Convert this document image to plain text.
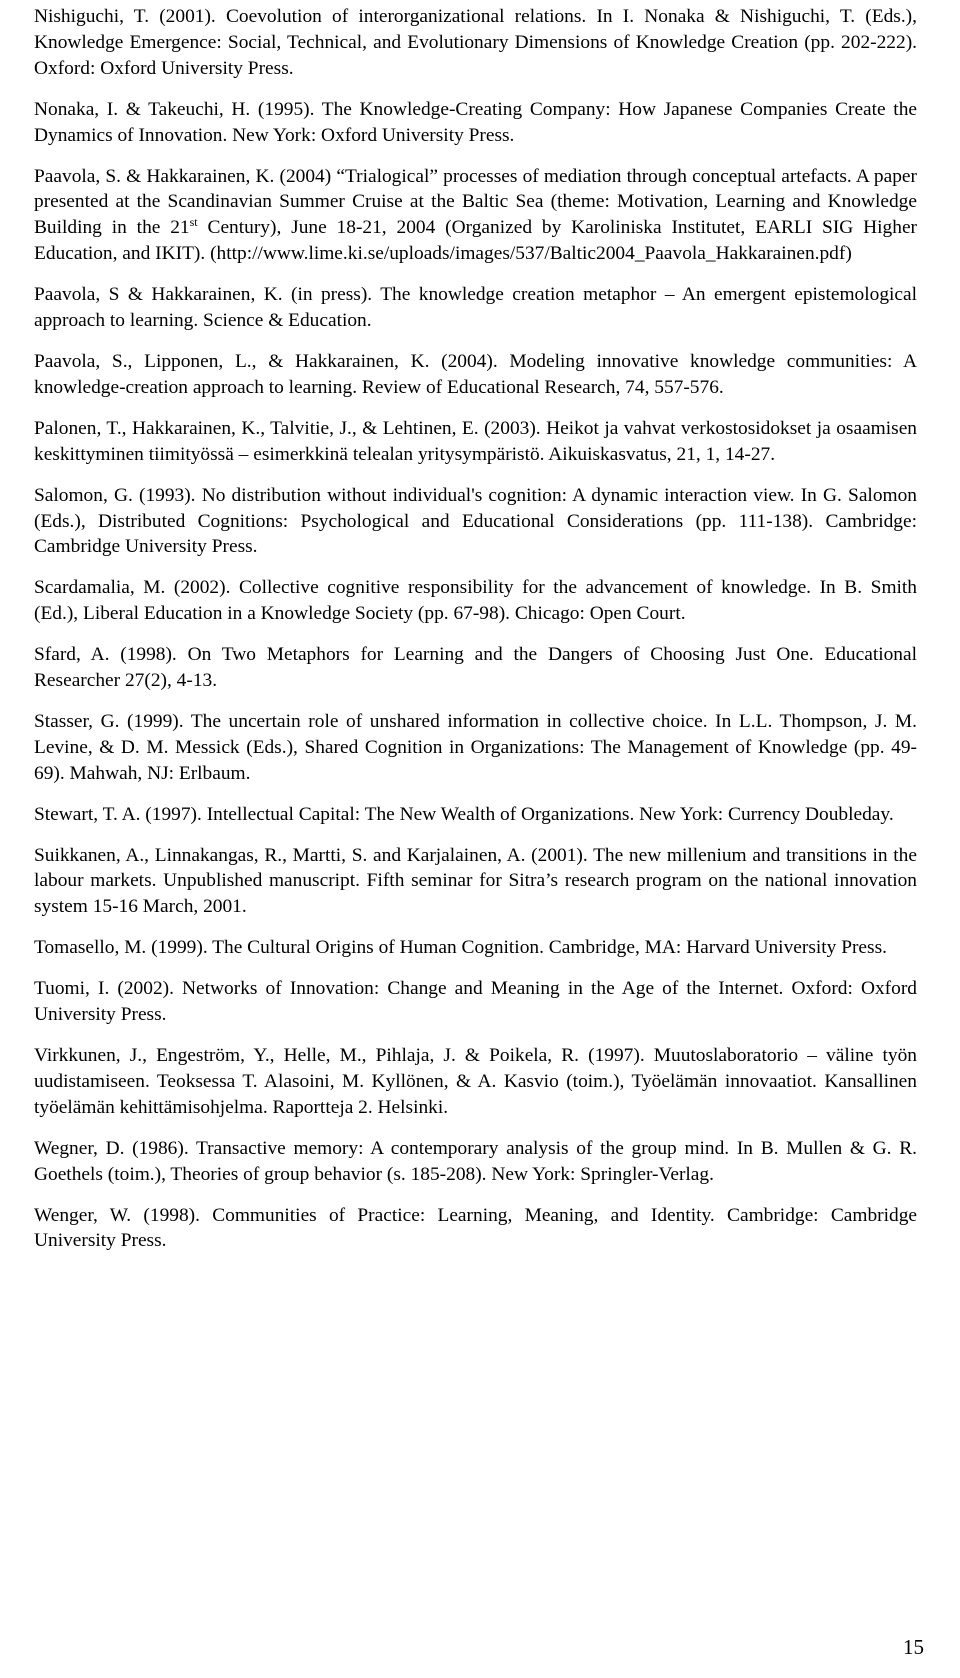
Nishiguchi, T. (2001). Coevolution of interorganizational relations. In I. Nonaka & Nishiguchi, T. (Eds.), Knowledge Emergence: Social, Technical, and Evolutionary Dimensions of Knowledge Creation (pp. 202-222). Oxford: Oxford University Press.

Nonaka, I. & Takeuchi, H. (1995). The Knowledge-Creating Company: How Japanese Companies Create the Dynamics of Innovation. New York: Oxford University Press.

Paavola, S. & Hakkarainen, K. (2004) “Trialogical” processes of mediation through conceptual artefacts. A paper presented at the Scandinavian Summer Cruise at the Baltic Sea (theme: Motivation, Learning and Knowledge Building in the 21st Century), June 18-21, 2004 (Organized by Karoliniska Institutet, EARLI SIG Higher Education, and IKIT). (http://www.lime.ki.se/uploads/images/537/Baltic2004_Paavola_Hakkarainen.pdf)

Paavola, S & Hakkarainen, K. (in press). The knowledge creation metaphor – An emergent epistemological approach to learning. Science & Education.

Paavola, S., Lipponen, L., & Hakkarainen, K. (2004). Modeling innovative knowledge communities: A knowledge-creation approach to learning. Review of Educational Research, 74, 557-576.

Palonen, T., Hakkarainen, K., Talvitie, J., & Lehtinen, E. (2003). Heikot ja vahvat verkostosidokset ja osaamisen keskittyminen tiimityössä – esimerkkinä telealan yritysympäristö. Aikuiskasvatus, 21, 1, 14-27.

Salomon, G. (1993). No distribution without individual's cognition: A dynamic interaction view. In G. Salomon (Eds.), Distributed Cognitions: Psychological and Educational Considerations (pp. 111-138). Cambridge: Cambridge University Press.

Scardamalia, M. (2002). Collective cognitive responsibility for the advancement of knowledge. In B. Smith (Ed.), Liberal Education in a Knowledge Society (pp. 67-98). Chicago: Open Court.

Sfard, A. (1998). On Two Metaphors for Learning and the Dangers of Choosing Just One. Educational Researcher 27(2), 4-13.

Stasser, G. (1999). The uncertain role of unshared information in collective choice. In L.L. Thompson, J. M. Levine, & D. M. Messick (Eds.), Shared Cognition in Organizations: The Management of Knowledge (pp. 49-69). Mahwah, NJ: Erlbaum.

Stewart, T. A. (1997). Intellectual Capital: The New Wealth of Organizations. New York: Currency Doubleday.

Suikkanen, A., Linnakangas, R., Martti, S. and Karjalainen, A. (2001). The new millenium and transitions in the labour markets. Unpublished manuscript. Fifth seminar for Sitra’s research program on the national innovation system 15-16 March, 2001.

Tomasello, M. (1999). The Cultural Origins of Human Cognition. Cambridge, MA: Harvard University Press.

Tuomi, I. (2002). Networks of Innovation: Change and Meaning in the Age of the Internet. Oxford: Oxford University Press.

Virkkunen, J., Engeström, Y., Helle, M., Pihlaja, J. & Poikela, R. (1997). Muutoslaboratorio – väline työn uudistamiseen. Teoksessa T. Alasoini, M. Kyllönen, & A. Kasvio (toim.), Työelämän innovaatiot. Kansallinen työelämän kehittämisohjelma. Raportteja 2. Helsinki.

Wegner, D. (1986). Transactive memory: A contemporary analysis of the group mind. In B. Mullen & G. R. Goethels (toim.), Theories of group behavior (s. 185-208). New York: Springler-Verlag.

Wenger, W. (1998). Communities of Practice: Learning, Meaning, and Identity. Cambridge: Cambridge University Press.

15
